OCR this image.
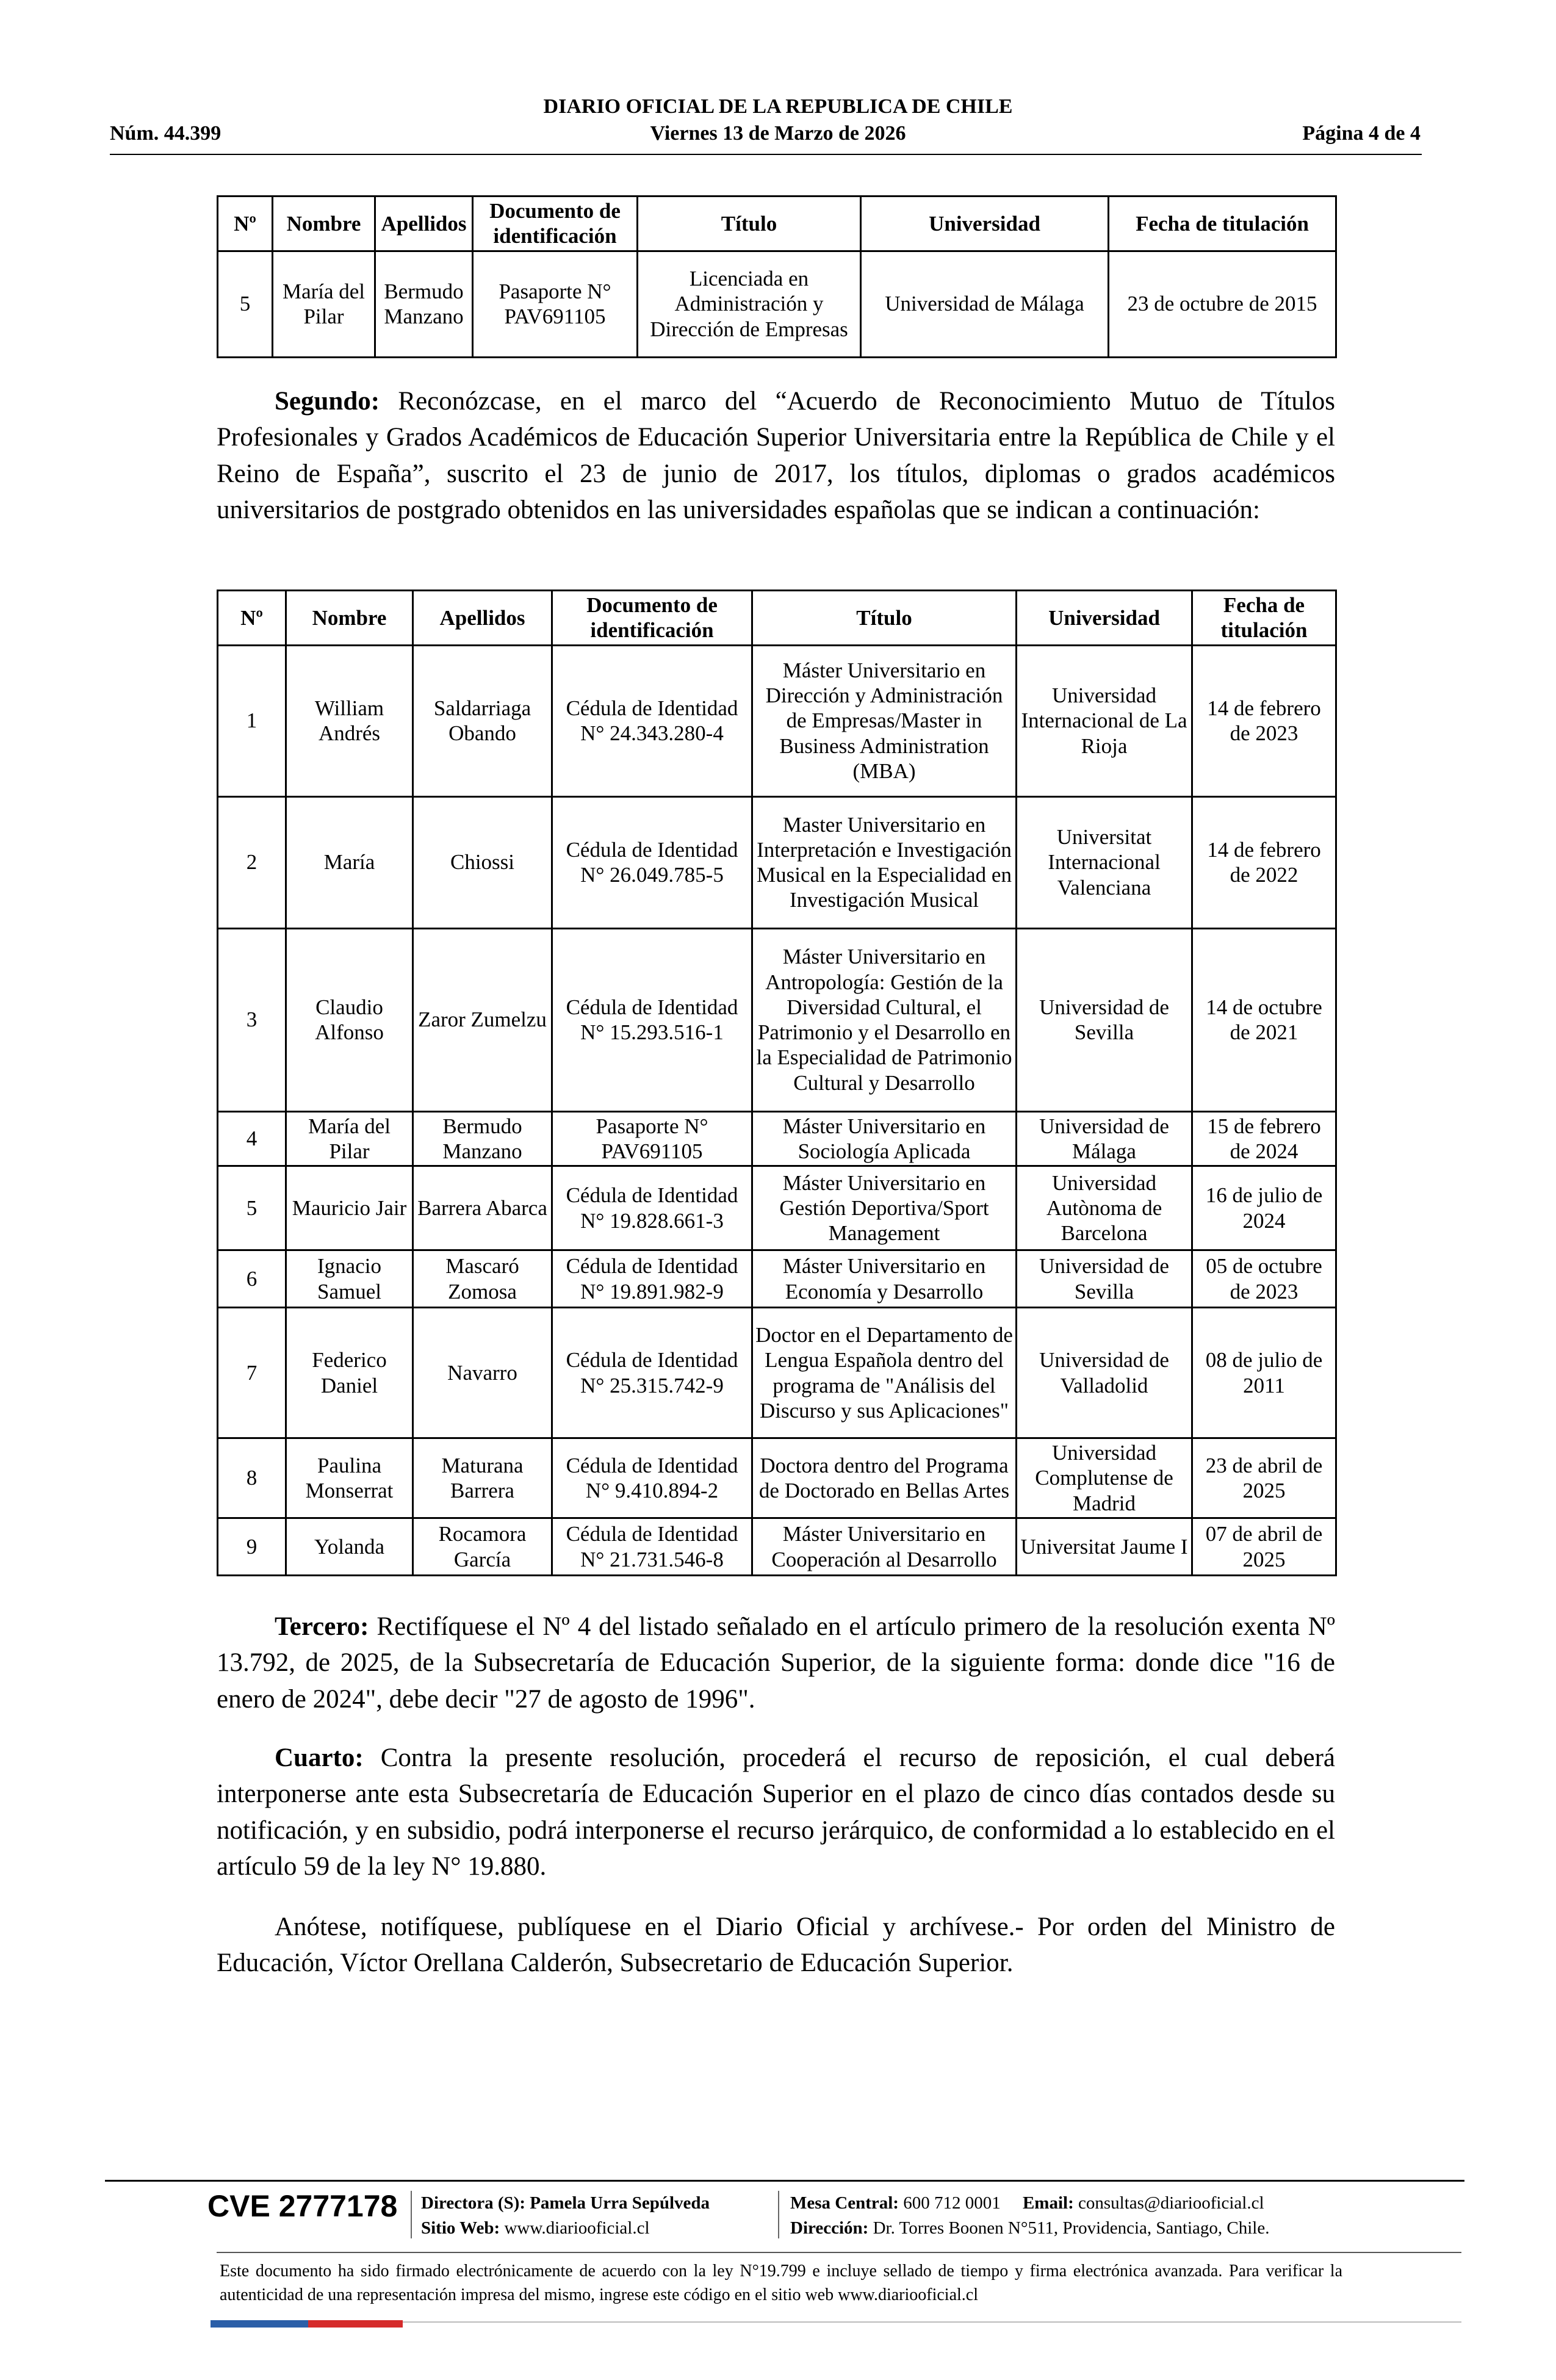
DIARIO OFICIAL DE LA REPUBLICA DE CHILE
Viernes 13 de Marzo de 2026
Núm. 44.399	Página 4 de 4
Nº	Nombre	Apellidos	Documento de identificación	Título	Universidad	Fecha de titulación
5	María del Pilar	Bermudo Manzano	Pasaporte N° PAV691105	Licenciada en Administración y Dirección de Empresas	Universidad de Málaga	23 de octubre de 2015
Segundo: Reconózcase, en el marco del “Acuerdo de Reconocimiento Mutuo de Títulos Profesionales y Grados Académicos de Educación Superior Universitaria entre la República de Chile y el Reino de España”, suscrito el 23 de junio de 2017, los títulos, diplomas o grados académicos universitarios de postgrado obtenidos en las universidades españolas que se indican a continuación:
Nº	Nombre	Apellidos	Documento de identificación	Título	Universidad	Fecha de titulación
1	William Andrés	Saldarriaga Obando	Cédula de Identidad N° 24.343.280-4	Máster Universitario en Dirección y Administración de Empresas/Master in Business Administration (MBA)	Universidad Internacional de La Rioja	14 de febrero de 2023
2	María	Chiossi	Cédula de Identidad N° 26.049.785-5	Master Universitario en Interpretación e Investigación Musical en la Especialidad en Investigación Musical	Universitat Internacional Valenciana	14 de febrero de 2022
3	Claudio Alfonso	Zaror Zumelzu	Cédula de Identidad N° 15.293.516-1	Máster Universitario en Antropología: Gestión de la Diversidad Cultural, el Patrimonio y el Desarrollo en la Especialidad de Patrimonio Cultural y Desarrollo	Universidad de Sevilla	14 de octubre de 2021
4	María del Pilar	Bermudo Manzano	Pasaporte N° PAV691105	Máster Universitario en Sociología Aplicada	Universidad de Málaga	15 de febrero de 2024
5	Mauricio Jair	Barrera Abarca	Cédula de Identidad N° 19.828.661-3	Máster Universitario en Gestión Deportiva/Sport Management	Universidad Autònoma de Barcelona	16 de julio de 2024
6	Ignacio Samuel	Mascaró Zomosa	Cédula de Identidad N° 19.891.982-9	Máster Universitario en Economía y Desarrollo	Universidad de Sevilla	05 de octubre de 2023
7	Federico Daniel	Navarro	Cédula de Identidad N° 25.315.742-9	Doctor en el Departamento de Lengua Española dentro del programa de "Análisis del Discurso y sus Aplicaciones"	Universidad de Valladolid	08 de julio de 2011
8	Paulina Monserrat	Maturana Barrera	Cédula de Identidad N° 9.410.894-2	Doctora dentro del Programa de Doctorado en Bellas Artes	Universidad Complutense de Madrid	23 de abril de 2025
9	Yolanda	Rocamora García	Cédula de Identidad N° 21.731.546-8	Máster Universitario en Cooperación al Desarrollo	Universitat Jaume I	07 de abril de 2025
Tercero: Rectifíquese el Nº 4 del listado señalado en el artículo primero de la resolución exenta Nº 13.792, de 2025, de la Subsecretaría de Educación Superior, de la siguiente forma: donde dice "16 de enero de 2024", debe decir "27 de agosto de 1996".
Cuarto: Contra la presente resolución, procederá el recurso de reposición, el cual deberá interponerse ante esta Subsecretaría de Educación Superior en el plazo de cinco días contados desde su notificación, y en subsidio, podrá interponerse el recurso jerárquico, de conformidad a lo establecido en el artículo 59 de la ley N° 19.880.
Anótese, notifíquese, publíquese en el Diario Oficial y archívese.- Por orden del Ministro de Educación, Víctor Orellana Calderón, Subsecretario de Educación Superior.
CVE 2777178 Directora (S): Pamela Urra Sepúlveda
Sitio Web: www.diariooficial.cl
Mesa Central: 600 712 0001 Email: consultas@diariooficial.cl
Dirección: Dr. Torres Boonen N°511, Providencia, Santiago, Chile.
Este documento ha sido firmado electrónicamente de acuerdo con la ley N°19.799 e incluye sellado de tiempo y firma electrónica avanzada. Para verificar la autenticidad de una representación impresa del mismo, ingrese este código en el sitio web www.diariooficial.cl
